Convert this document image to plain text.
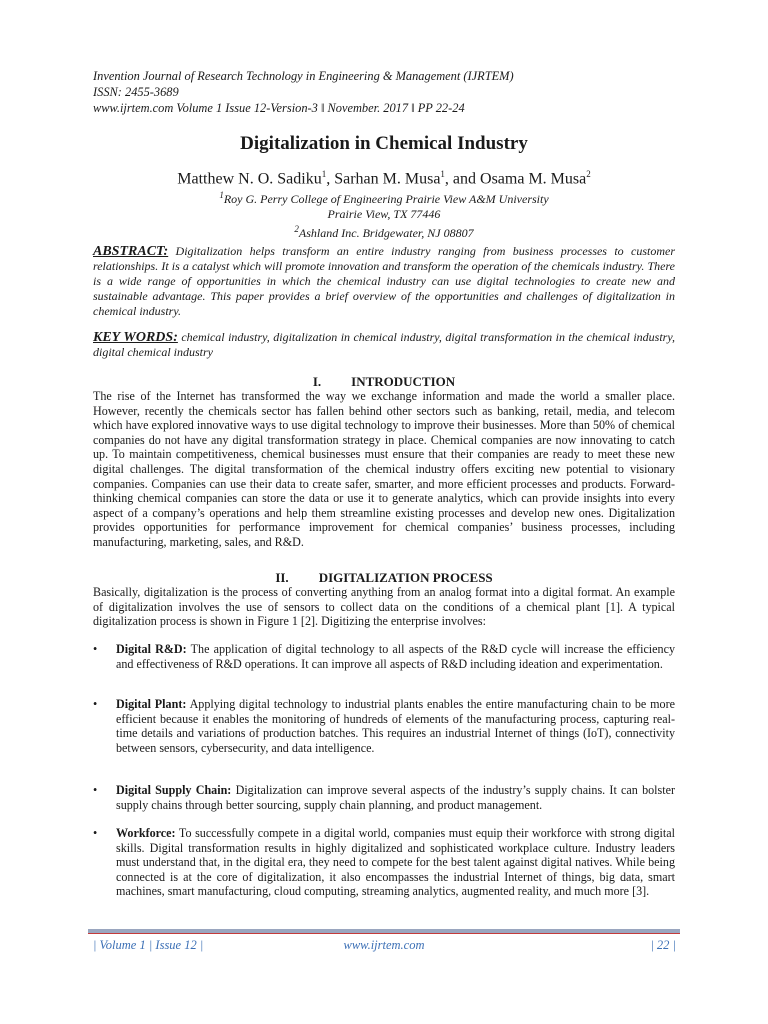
Invention Journal of Research Technology in Engineering & Management (IJRTEM)
ISSN: 2455-3689
www.ijrtem.com Volume 1 Issue 12-Version-3 ǁ November. 2017 ǁ PP 22-24
Digitalization in Chemical Industry
Matthew N. O. Sadiku$^1$, Sarhan M. Musa$^1$, and Osama M. Musa$^2$
$^1$Roy G. Perry College of Engineering Prairie View A&M University
Prairie View, TX 77446
$^2$Ashland Inc. Bridgewater, NJ 08807
ABSTRACT: Digitalization helps transform an entire industry ranging from business processes to customer relationships. It is a catalyst which will promote innovation and transform the operation of the chemicals industry. There is a wide range of opportunities in which the chemical industry can use digital technologies to create new and sustainable advantage. This paper provides a brief overview of the opportunities and challenges of digitalization in chemical industry.
KEY WORDS: chemical industry, digitalization in chemical industry, digital transformation in the chemical industry, digital chemical industry
I. INTRODUCTION
The rise of the Internet has transformed the way we exchange information and made the world a smaller place. However, recently the chemicals sector has fallen behind other sectors such as banking, retail, media, and telecom which have explored innovative ways to use digital technology to improve their businesses. More than 50% of chemical companies do not have any digital transformation strategy in place. Chemical companies are now innovating to catch up. To maintain competitiveness, chemical businesses must ensure that their companies are ready to meet these new digital challenges. The digital transformation of the chemical industry offers exciting new potential to visionary companies. Companies can use their data to create safer, smarter, and more efficient processes and products. Forward-thinking chemical companies can store the data or use it to generate analytics, which can provide insights into every aspect of a company’s operations and help them streamline existing processes and develop new ones. Digitalization provides opportunities for performance improvement for chemical companies’ business processes, including manufacturing, marketing, sales, and R&D.
II. DIGITALIZATION PROCESS
Basically, digitalization is the process of converting anything from an analog format into a digital format. An example of digitalization involves the use of sensors to collect data on the conditions of a chemical plant [1]. A typical digitalization process is shown in Figure 1 [2]. Digitizing the enterprise involves:
•	Digital R&D: The application of digital technology to all aspects of the R&D cycle will increase the efficiency and effectiveness of R&D operations. It can improve all aspects of R&D including ideation and experimentation.
•	Digital Plant: Applying digital technology to industrial plants enables the entire manufacturing chain to be more efficient because it enables the monitoring of hundreds of elements of the manufacturing process, capturing real-time details and variations of production batches. This requires an industrial Internet of things (IoT), connectivity between sensors, cybersecurity, and data intelligence.
•	Digital Supply Chain: Digitalization can improve several aspects of the industry’s supply chains. It can bolster supply chains through better sourcing, supply chain planning, and product management.
•	Workforce: To successfully compete in a digital world, companies must equip their workforce with strong digital skills. Digital transformation results in highly digitalized and sophisticated workplace culture. Industry leaders must understand that, in the digital era, they need to compete for the best talent against digital natives. While being connected is at the core of digitalization, it also encompasses the industrial Internet of things, big data, smart machines, smart manufacturing, cloud computing, streaming analytics, augmented reality, and much more [3].
| Volume 1 | Issue 12 |	www.ijrtem.com	| 22 |
